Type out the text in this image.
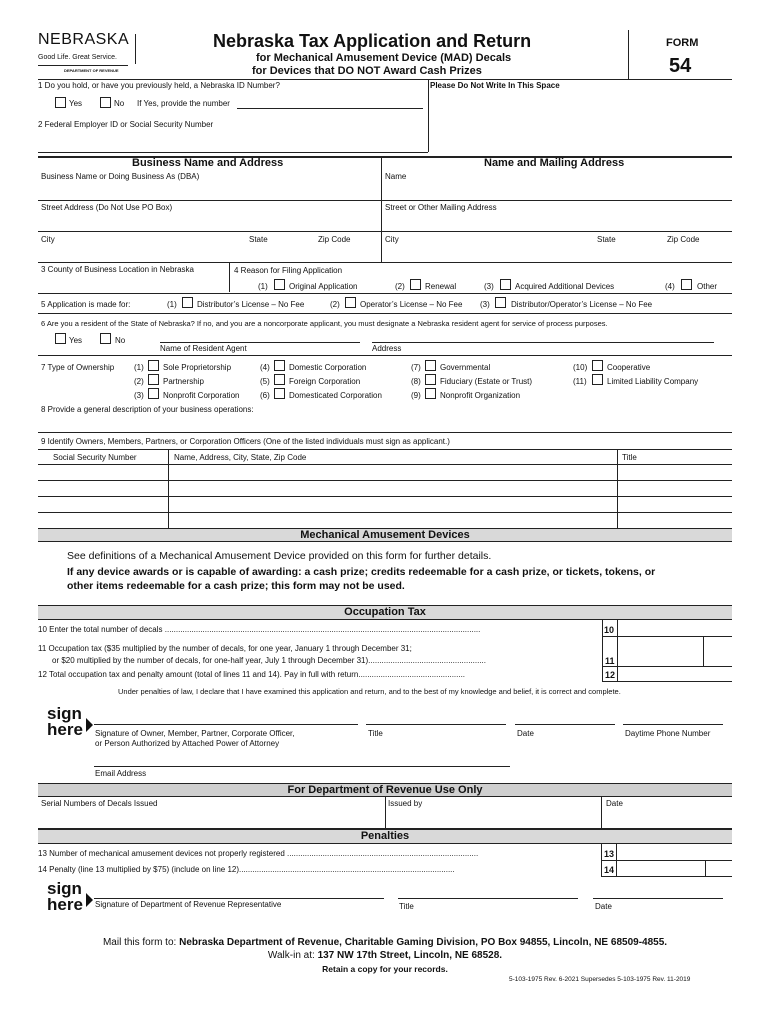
NEBRASKA
Good Life. Great Service.
DEPARTMENT OF REVENUE
Nebraska Tax Application and Return
for Mechanical Amusement Device (MAD) Decals
for Devices that DO NOT Award Cash Prizes
FORM
54
1 Do you hold, or have you previously held, a Nebraska ID Number?
Yes	No If Yes, provide the number
2 Federal Employer ID or Social Security Number
Please Do Not Write In This Space
Business Name and Address	Name and Mailing Address
Business Name or Doing Business As (DBA)	Name
Street Address (Do Not Use PO Box)	Street or Other Mailing Address
City	State	Zip Code	City	State	Zip Code
3 County of Business Location in Nebraska	4 Reason for Filing Application
(1)	Original Application	(2)	Renewal	(3)	Acquired Additional Devices	(4)	Other
5 Application is made for:	(1)	Distributor’s License – No Fee	(2)	Operator’s License – No Fee (3)	Distributor/Operator’s License – No Fee
6 Are you a resident of the State of Nebraska? If no, and you are a noncorporate applicant, you must designate a Nebraska resident agent for service of process purposes.
Yes	No
Name of Resident Agent	Address
7 Type of Ownership (1) Sole Proprietorship
(2) Partnership
(3) Nonprofit Corporation
(4) Domestic Corporation
(5) Foreign Corporation
(6) Domesticated Corporation
(7) Governmental
(8) Fiduciary (Estate or Trust)
(9) Nonprofit Organization
(10) Cooperative
(11)	Limited Liability Company
8 Provide a general description of your business operations:
9 Identify Owners, Members, Partners, or Corporation Officers (One of the listed individuals must sign as applicant.)
Social Security Number	Name, Address, City, State, Zip Code	Title
Mechanical Amusement Devices
See definitions of a Mechanical Amusement Device provided on this form for further details.
If any device awards or is capable of awarding: a cash prize; credits redeemable for a cash prize, or tickets, tokens, or
other items redeemable for a cash prize; this form may not be used.
Occupation Tax
10 Enter the total number of decals ..............................................................................................................................................	10
11 Occupation tax ($35 multiplied by the number of decals, for one year, January 1 through December 31;
or $20 multiplied by the number of decals, for one-half year, July 1 through December 31).....................................................	11
12 Total occupation tax and penalty amount (total of lines 11 and 14). Pay in full with return................................................	12
Under penalties of law, I declare that I have examined this application and return, and to the best of my knowledge and belief, it is correct and complete.
sign
here Signature of Owner, Member, Partner, Corporate Officer,
or Person Authorized by Attached Power of Attorney
Title	Date	Daytime Phone Number
Email Address
For Department of Revenue Use Only
Serial Numbers of Decals Issued	Issued by	Date
Penalties
13 Number of mechanical amusement devices not properly registered ......................................................................................	13
14 Penalty (line 13 multiplied by $75) (include on line 12).................................................................................................	14
sign
here Signature of Department of Revenue Representative	Title	Date
Mail this form to: Nebraska Department of Revenue, Charitable Gaming Division, PO Box 94855, Lincoln, NE 68509-4855.
Walk-in at: 137 NW 17th Street, Lincoln, NE 68528.
Retain a copy for your records.
5-103-1975 Rev. 6-2021 Supersedes 5-103-1975 Rev. 11-2019
